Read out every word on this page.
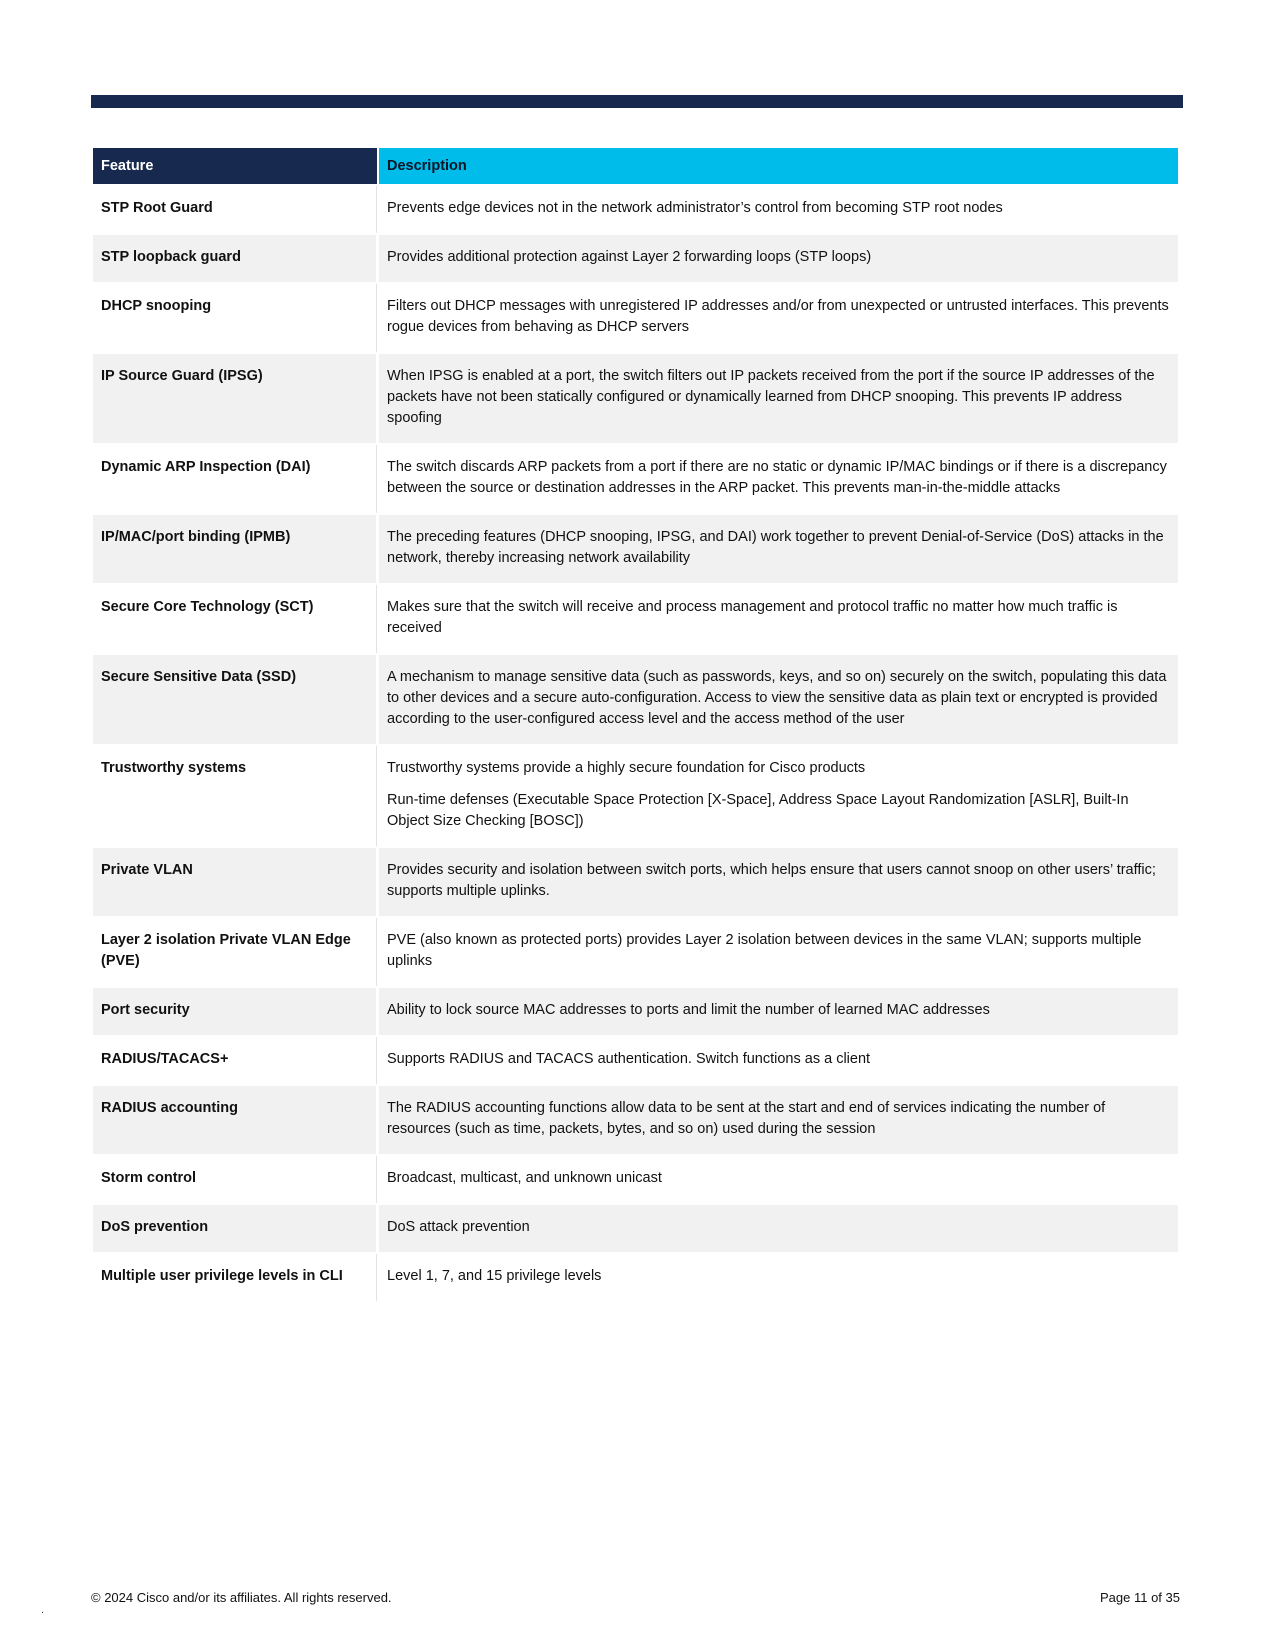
Feature	Description
STP Root Guard	Prevents edge devices not in the network administrator’s control from becoming STP root nodes

STP loopback guard	Provides additional protection against Layer 2 forwarding loops (STP loops)

DHCP snooping	Filters out DHCP messages with unregistered IP addresses and/or from unexpected or untrusted interfaces. This prevents rogue devices from behaving as DHCP servers

IP Source Guard (IPSG)	When IPSG is enabled at a port, the switch filters out IP packets received from the port if the source IP addresses of the packets have not been statically configured or dynamically learned from DHCP snooping. This prevents IP address spoofing

Dynamic ARP Inspection (DAI)	The switch discards ARP packets from a port if there are no static or dynamic IP/MAC bindings or if there is a discrepancy between the source or destination addresses in the ARP packet. This prevents man-in-the-middle attacks

IP/MAC/port binding (IPMB)	The preceding features (DHCP snooping, IPSG, and DAI) work together to prevent Denial-of-Service (DoS) attacks in the network, thereby increasing network availability

Secure Core Technology (SCT)	Makes sure that the switch will receive and process management and protocol traffic no matter how much traffic is received

Secure Sensitive Data (SSD)	A mechanism to manage sensitive data (such as passwords, keys, and so on) securely on the switch, populating this data to other devices and a secure auto-configuration. Access to view the sensitive data as plain text or encrypted is provided according to the user-configured access level and the access method of the user

Trustworthy systems	Trustworthy systems provide a highly secure foundation for Cisco products

Run-time defenses (Executable Space Protection [X-Space], Address Space Layout Randomization [ASLR], Built-In Object Size Checking [BOSC])

Private VLAN	Provides security and isolation between switch ports, which helps ensure that users cannot snoop on other users’ traffic; supports multiple uplinks.

Layer 2 isolation Private VLAN Edge (PVE)	PVE (also known as protected ports) provides Layer 2 isolation between devices in the same VLAN; supports multiple uplinks

Port security	Ability to lock source MAC addresses to ports and limit the number of learned MAC addresses

RADIUS/TACACS+	Supports RADIUS and TACACS authentication. Switch functions as a client

RADIUS accounting	The RADIUS accounting functions allow data to be sent at the start and end of services indicating the number of resources (such as time, packets, bytes, and so on) used during the session

Storm control	Broadcast, multicast, and unknown unicast

DoS prevention	DoS attack prevention

Multiple user privilege levels in CLI	Level 1, 7, and 15 privilege levels

© 2024 Cisco and/or its affiliates. All rights reserved.	Page 11 of 35
.
